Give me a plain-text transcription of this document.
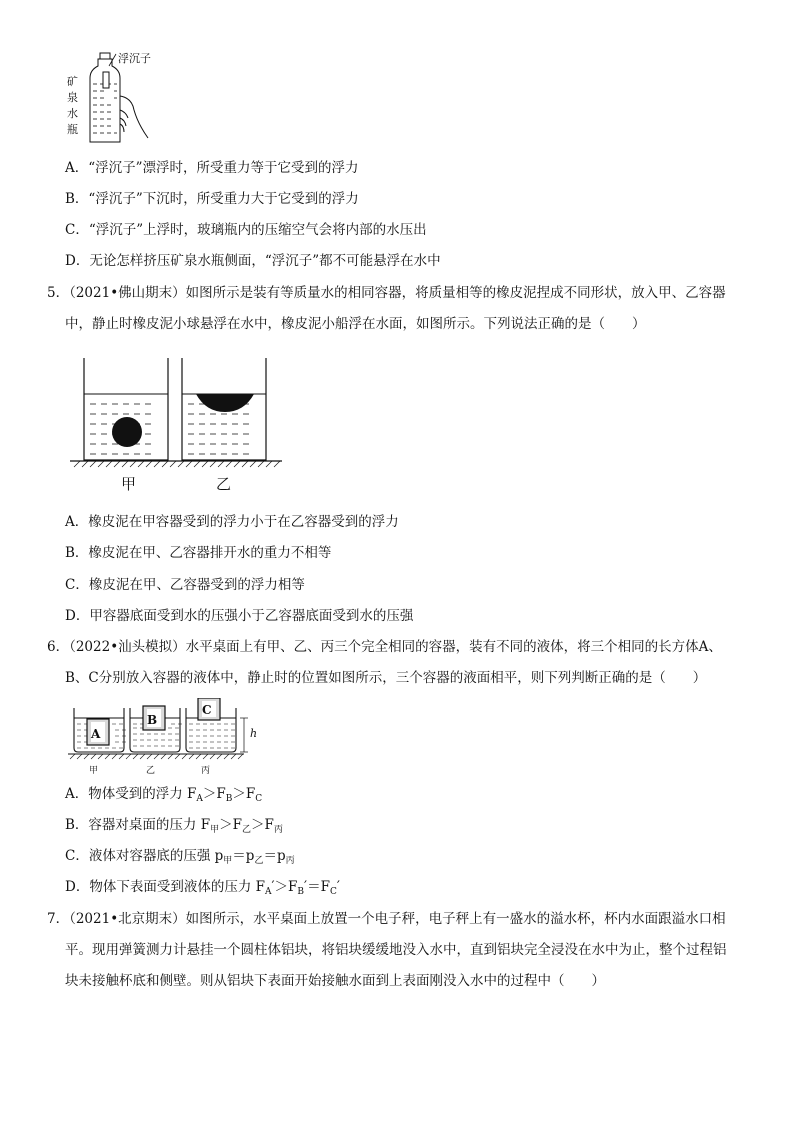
浮沉子
矿
泉
水
瓶
A．“浮沉子”漂浮时，所受重力等于它受到的浮力
B．“浮沉子”下沉时，所受重力大于它受到的浮力
C．“浮沉子”上浮时，玻璃瓶内的压缩空气会将内部的水压出
D．无论怎样挤压矿泉水瓶侧面，“浮沉子”都不可能悬浮在水中
5．（2021•佛山期末）如图所示是装有等质量水的相同容器，将质量相等的橡皮泥捏成不同形状，放入甲、乙容器
中，静止时橡皮泥小球悬浮在水中，橡皮泥小船浮在水面，如图所示。下列说法正确的是（　　）
甲	乙
A．橡皮泥在甲容器受到的浮力小于在乙容器受到的浮力
B．橡皮泥在甲、乙容器排开水的重力不相等
C．橡皮泥在甲、乙容器受到的浮力相等
D．甲容器底面受到水的压强小于乙容器底面受到水的压强
6．（2022•汕头模拟）水平桌面上有甲、乙、丙三个完全相同的容器，装有不同的液体，将三个相同的长方体A、
B、C分别放入容器的液体中，静止时的位置如图所示，三个容器的液面相平，则下列判断正确的是（　　）
A
B
C
h
甲	乙	丙
A．物体受到的浮力 $F_A>F_B>F_C$
B．容器对桌面的压力 $F_甲>F_乙>F_丙$
C．液体对容器底的压强 $p_甲=p_乙=p_丙$
D．物体下表面受到液体的压力 $F_A'>F_B'=F_C'$
7．（2021•北京期末）如图所示，水平桌面上放置一个电子秤，电子秤上有一盛水的溢水杯，杯内水面跟溢水口相
平。现用弹簧测力计悬挂一个圆柱体铝块，将铝块缓缓地没入水中，直到铝块完全浸没在水中为止，整个过程铝
块未接触杯底和侧壁。则从铝块下表面开始接触水面到上表面刚没入水中的过程中（　　）
